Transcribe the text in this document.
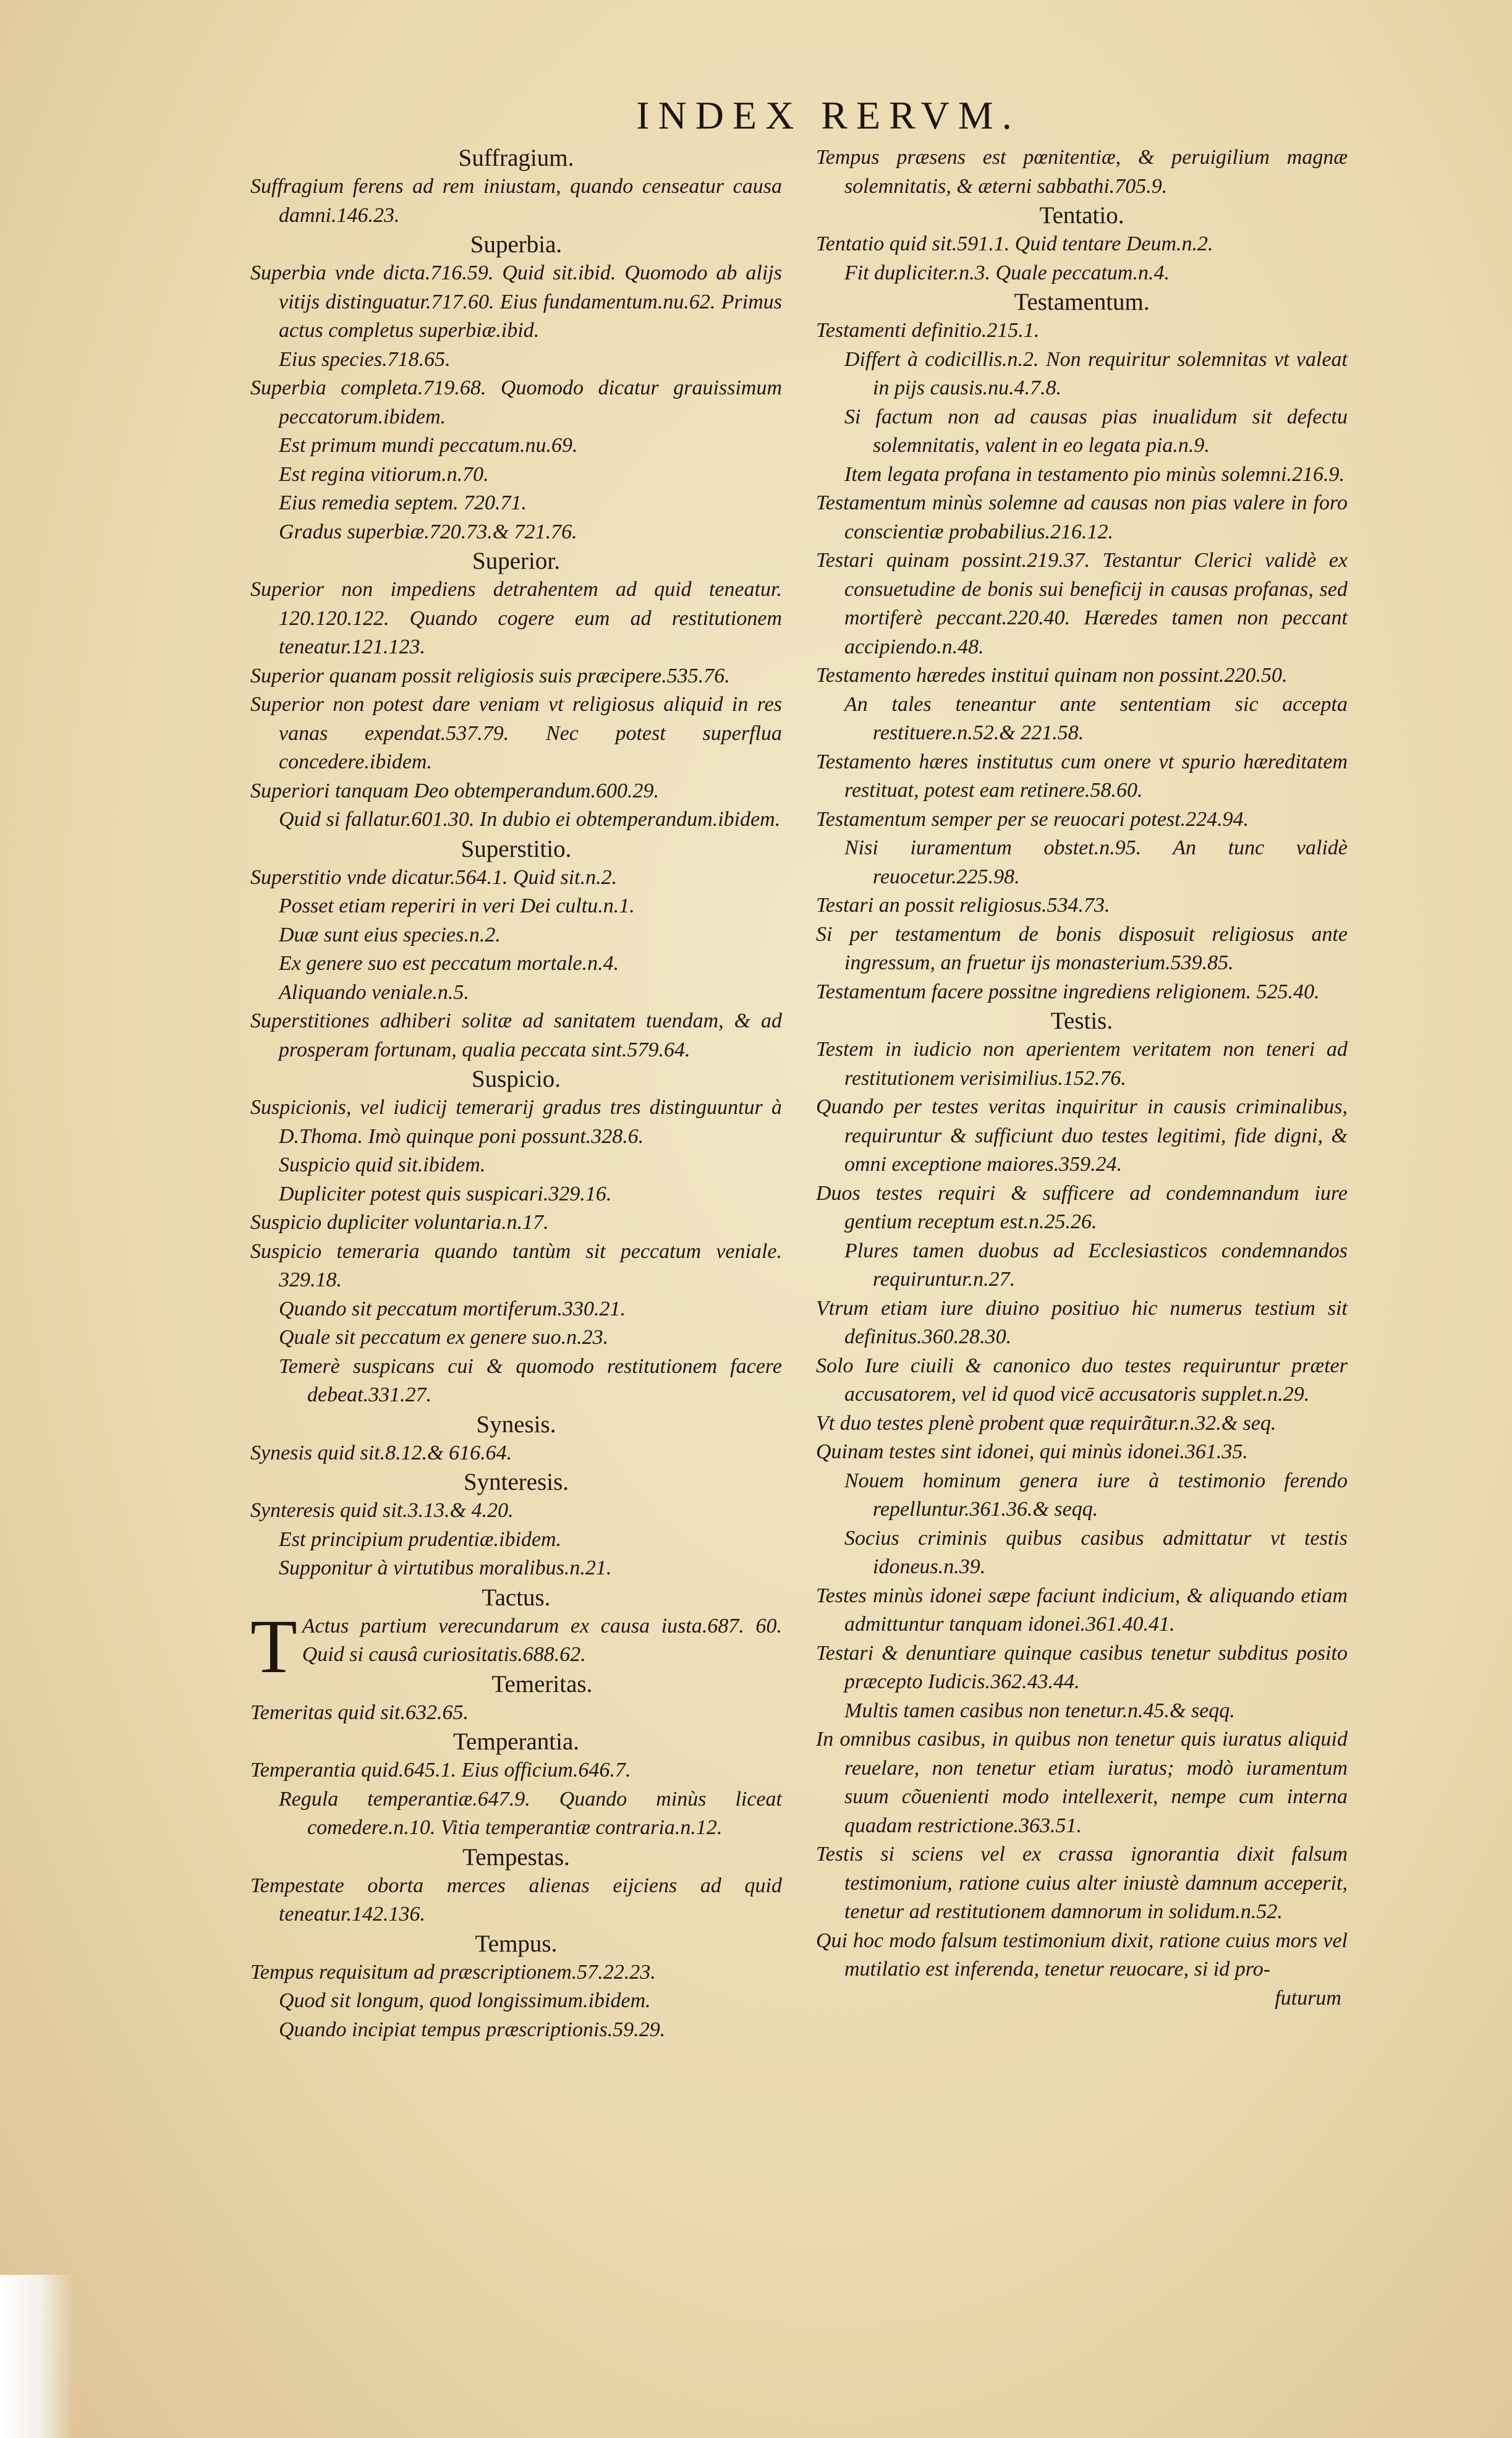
INDEX RERVM.
Suffragium.
Suffragium ferens ad rem iniustam, quando censeatur causa damni.146.23.
Superbia.
Superbia vnde dicta.716.59. Quid sit.ibid. Quomodo ab alijs vitijs distinguatur.717.60. Eius fundamentum.nu.62. Primus actus completus superbiæ.ibid.
Eius species.718.65.
Superbia completa.719.68. Quomodo dicatur grauissimum peccatorum.ibidem.
Est primum mundi peccatum.nu.69.
Est regina vitiorum.n.70.
Eius remedia septem. 720.71.
Gradus superbiæ.720.73.& 721.76.
Superior.
Superior non impediens detrahentem ad quid teneatur. 120.120.122. Quando cogere eum ad restitutionem teneatur.121.123.
Superior quanam possit religiosis suis præcipere.535.76.
Superior non potest dare veniam vt religiosus aliquid in res vanas expendat.537.79. Nec potest superflua concedere.ibidem.
Superiori tanquam Deo obtemperandum.600.29.
Quid si fallatur.601.30. In dubio ei obtemperandum.ibidem.
Superstitio.
Superstitio vnde dicatur.564.1. Quid sit.n.2.
Posset etiam reperiri in veri Dei cultu.n.1.
Duæ sunt eius species.n.2.
Ex genere suo est peccatum mortale.n.4.
Aliquando veniale.n.5.
Superstitiones adhiberi solitæ ad sanitatem tuendam, & ad prosperam fortunam, qualia peccata sint.579.64.
Suspicio.
Suspicionis, vel iudicij temerarij gradus tres distinguuntur à D.Thoma. Imò quinque poni possunt.328.6.
Suspicio quid sit.ibidem.
Dupliciter potest quis suspicari.329.16.
Suspicio dupliciter voluntaria.n.17.
Suspicio temeraria quando tantùm sit peccatum veniale. 329.18.
Quando sit peccatum mortiferum.330.21.
Quale sit peccatum ex genere suo.n.23.
Temerè suspicans cui & quomodo restitutionem facere debeat.331.27.
Synesis.
Synesis quid sit.8.12.& 616.64.
Synteresis.
Synteresis quid sit.3.13.& 4.20.
Est principium prudentiæ.ibidem.
Supponitur à virtutibus moralibus.n.21.
Tactus.
T Actus partium verecundarum ex causa iusta.687. 60. Quid si causâ curiositatis.688.62.
Temeritas.
Temeritas quid sit.632.65.
Temperantia.
Temperantia quid.645.1. Eius officium.646.7.
Regula temperantiæ.647.9. Quando minùs liceat comedere.n.10. Vitia temperantiæ contraria.n.12.
Tempestas.
Tempestate oborta merces alienas eijciens ad quid teneatur.142.136.
Tempus.
Tempus requisitum ad præscriptionem.57.22.23.
Quod sit longum, quod longissimum.ibidem.
Quando incipiat tempus præscriptionis.59.29.
Tempus præsens est pœnitentiæ, & peruigilium magnæ solemnitatis, & æterni sabbathi.705.9.
Tentatio.
Tentatio quid sit.591.1. Quid tentare Deum.n.2.
Fit dupliciter.n.3. Quale peccatum.n.4.
Testamentum.
Testamenti definitio.215.1.
Differt à codicillis.n.2. Non requiritur solemnitas vt valeat in pijs causis.nu.4.7.8.
Si factum non ad causas pias inualidum sit defectu solemnitatis, valent in eo legata pia.n.9.
Item legata profana in testamento pio minùs solemni.216.9.
Testamentum minùs solemne ad causas non pias valere in foro conscientiæ probabilius.216.12.
Testari quinam possint.219.37. Testantur Clerici validè ex consuetudine de bonis sui beneficij in causas profanas, sed mortiferè peccant.220.40. Hæredes tamen non peccant accipiendo.n.48.
Testamento hæredes institui quinam non possint.220.50.
An tales teneantur ante sententiam sic accepta restituere.n.52.& 221.58.
Testamento hæres institutus cum onere vt spurio hæreditatem restituat, potest eam retinere.58.60.
Testamentum semper per se reuocari potest.224.94.
Nisi iuramentum obstet.n.95. An tunc validè reuocetur.225.98.
Testari an possit religiosus.534.73.
Si per testamentum de bonis disposuit religiosus ante ingressum, an fruetur ijs monasterium.539.85.
Testamentum facere possitne ingrediens religionem. 525.40.
Testis.
Testem in iudicio non aperientem veritatem non teneri ad restitutionem verisimilius.152.76.
Quando per testes veritas inquiritur in causis criminalibus, requiruntur & sufficiunt duo testes legitimi, fide digni, & omni exceptione maiores.359.24.
Duos testes requiri & sufficere ad condemnandum iure gentium receptum est.n.25.26.
Plures tamen duobus ad Ecclesiasticos condemnandos requiruntur.n.27.
Vtrum etiam iure diuino positiuo hic numerus testium sit definitus.360.28.30.
Solo Iure ciuili & canonico duo testes requiruntur præter accusatorem, vel id quod vicē accusatoris supplet.n.29.
Vt duo testes plenè probent quæ requirãtur.n.32.& seq.
Quinam testes sint idonei, qui minùs idonei.361.35.
Nouem hominum genera iure à testimonio ferendo repelluntur.361.36.& seqq.
Socius criminis quibus casibus admittatur vt testis idoneus.n.39.
Testes minùs idonei sæpe faciunt indicium, & aliquando etiam admittuntur tanquam idonei.361.40.41.
Testari & denuntiare quinque casibus tenetur subditus posito præcepto Iudicis.362.43.44.
Multis tamen casibus non tenetur.n.45.& seqq.
In omnibus casibus, in quibus non tenetur quis iuratus aliquid reuelare, non tenetur etiam iuratus; modò iuramentum suum cõuenienti modo intellexerit, nempe cum interna quadam restrictione.363.51.
Testis si sciens vel ex crassa ignorantia dixit falsum testimonium, ratione cuius alter iniustè damnum acceperit, tenetur ad restitutionem damnorum in solidum.n.52.
Qui hoc modo falsum testimonium dixit, ratione cuius mors vel mutilatio est inferenda, tenetur reuocare, si id pro-
futurum
